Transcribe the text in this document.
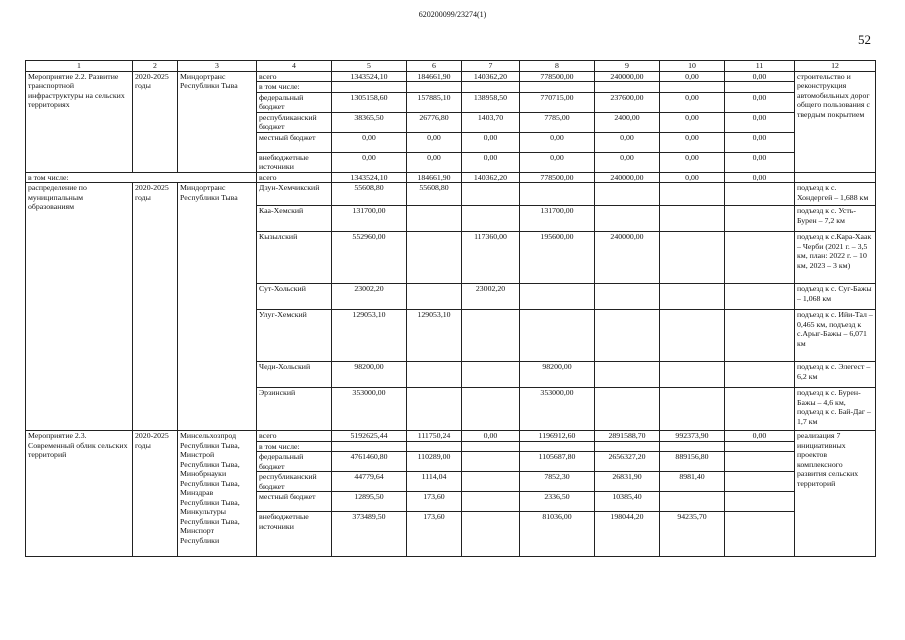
620200099/23274(1)
52
1	2	3	4	5	6	7	8	9	10	11	12
Мероприятие 2.2. Развитие транспортной инфраструктуры на сельских территориях	2020-2025 годы	Миндортранс Республики Тыва	всего	1343524,10	184661,90	140362,20	778500,00	240000,00	0,00	0,00	строительство и реконструкция автомобильных дорог общего пользования с твердым покрытием
			в том числе:								
			федеральный бюджет	1305158,60	157885,10	138958,50	770715,00	237600,00	0,00	0,00	
			республиканский бюджет	38365,50	26776,80	1403,70	7785,00	2400,00	0,00	0,00	
			местный бюджет	0,00	0,00	0,00	0,00	0,00	0,00	0,00	
			внебюджетные источники	0,00	0,00	0,00	0,00	0,00	0,00	0,00	
в том числе:			всего	1343524,10	184661,90	140362,20	778500,00	240000,00	0,00	0,00	
распределение по муниципальным образованиям	2020-2025 годы	Миндортранс Республики Тыва	Дзун-Хемчикский	55608,80	55608,80						подъезд к с. Хондергей – 1,688 км
			Каа-Хемский	131700,00			131700,00				подъезд к с. Усть-Бурен – 7,2 км
			Кызылский	552960,00		117360,00	195600,00	240000,00			подъезд к с.Кара-Хаак – Черби (2021 г. – 3,5 км, план: 2022 г. – 10 км, 2023 – 3 км)
			Сут-Хольский	23002,20		23002,20					подъезд к с. Суг-Бажы – 1,068 км
			Улуг-Хемский	129053,10	129053,10						подъезд к с. Ийи-Тал – 0,465 км, подъезд к с.Арыг-Бажы – 6,071 км
			Чеди-Хольский	98200,00			98200,00				подъезд к с. Элегест – 6,2 км
			Эрзинский	353000,00			353000,00				подъезд к с. Бурен-Бажы – 4,6 км, подъезд к с. Бай-Даг – 1,7 км
Мероприятие 2.3. Современный облик сельских территорий	2020-2025 годы	Минсельхозпрод Республики Тыва, Минстрой Республики Тыва, Минобрнауки Республики Тыва, Минздрав Республики Тыва, Минкультуры Республики Тыва, Минспорт Республики	всего	5192625,44	111750,24	0,00	1196912,60	2891588,70	992373,90	0,00	реализация 7 инициативных проектов комплексного развития сельских территорий
			в том числе:								
			федеральный бюджет	4761460,80	110289,00		1105687,80	2656327,20	889156,80		
			республиканский бюджет	44779,64	1114,04		7852,30	26831,90	8981,40		
			местный бюджет	12895,50	173,60		2336,50	10385,40			
			внебюджетные источники	373489,50	173,60		81036,00	198044,20	94235,70		
